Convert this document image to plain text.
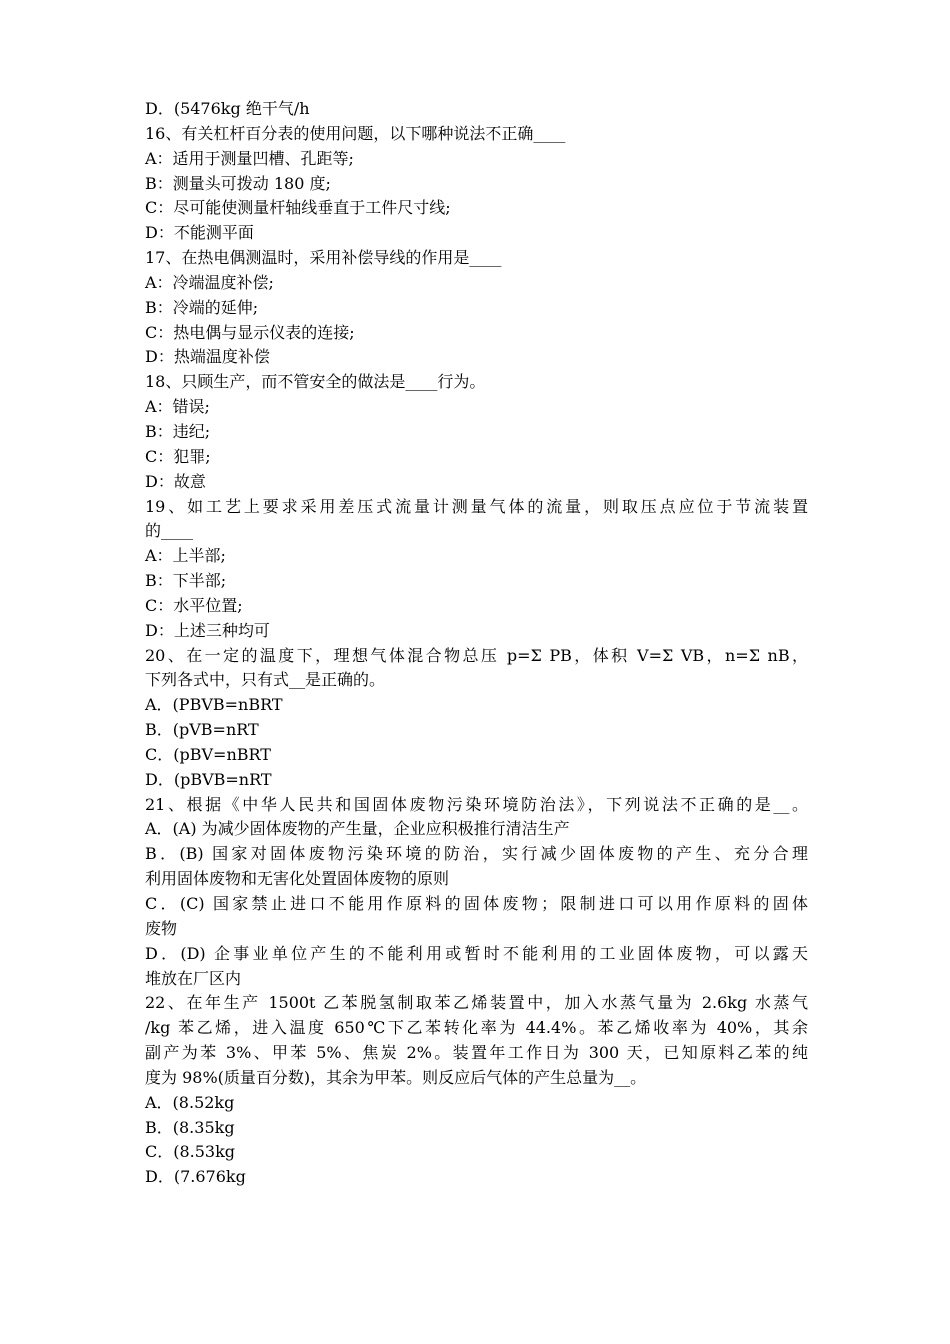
D．(5476kg 绝干气/h
16、有关杠杆百分表的使用问题，以下哪种说法不正确____
A：适用于测量凹槽、孔距等;
B：测量头可拨动 180 度;
C：尽可能使测量杆轴线垂直于工件尺寸线;
D：不能测平面
17、在热电偶测温时，采用补偿导线的作用是____
A：冷端温度补偿;
B：冷端的延伸;
C：热电偶与显示仪表的连接;
D：热端温度补偿
18、只顾生产，而不管安全的做法是____行为。
A：错误;
B：违纪;
C：犯罪;
D：故意
19、如工艺上要求采用差压式流量计测量气体的流量，则取压点应位于节流装置
的____
A：上半部;
B：下半部;
C：水平位置;
D：上述三种均可
20、在一定的温度下，理想气体混合物总压 p=Σ PB，体积 V=Σ VB，n=Σ nB，
下列各式中，只有式__是正确的。
A．(PBVB=nBRT
B．(pVB=nRT
C．(pBV=nBRT
D．(pBVB=nRT
21、根据《中华人民共和国固体废物污染环境防治法》，下列说法不正确的是__。
A．(A) 为减少固体废物的产生量，企业应积极推行清洁生产
B．(B) 国家对固体废物污染环境的防治，实行减少固体废物的产生、充分合理
利用固体废物和无害化处置固体废物的原则
C．(C) 国家禁止进口不能用作原料的固体废物；限制进口可以用作原料的固体
废物
D．(D) 企事业单位产生的不能利用或暂时不能利用的工业固体废物，可以露天
堆放在厂区内
22、在年生产 1500t 乙苯脱氢制取苯乙烯装置中，加入水蒸气量为 2.6kg 水蒸气
/kg 苯乙烯，进入温度 650℃下乙苯转化率为 44.4%。苯乙烯收率为 40%，其余
副产为苯 3%、甲苯 5%、焦炭 2%。装置年工作日为 300 天，已知原料乙苯的纯
度为 98%(质量百分数)，其余为甲苯。则反应后气体的产生总量为__。
A．(8.52kg
B．(8.35kg
C．(8.53kg
D．(7.676kg
